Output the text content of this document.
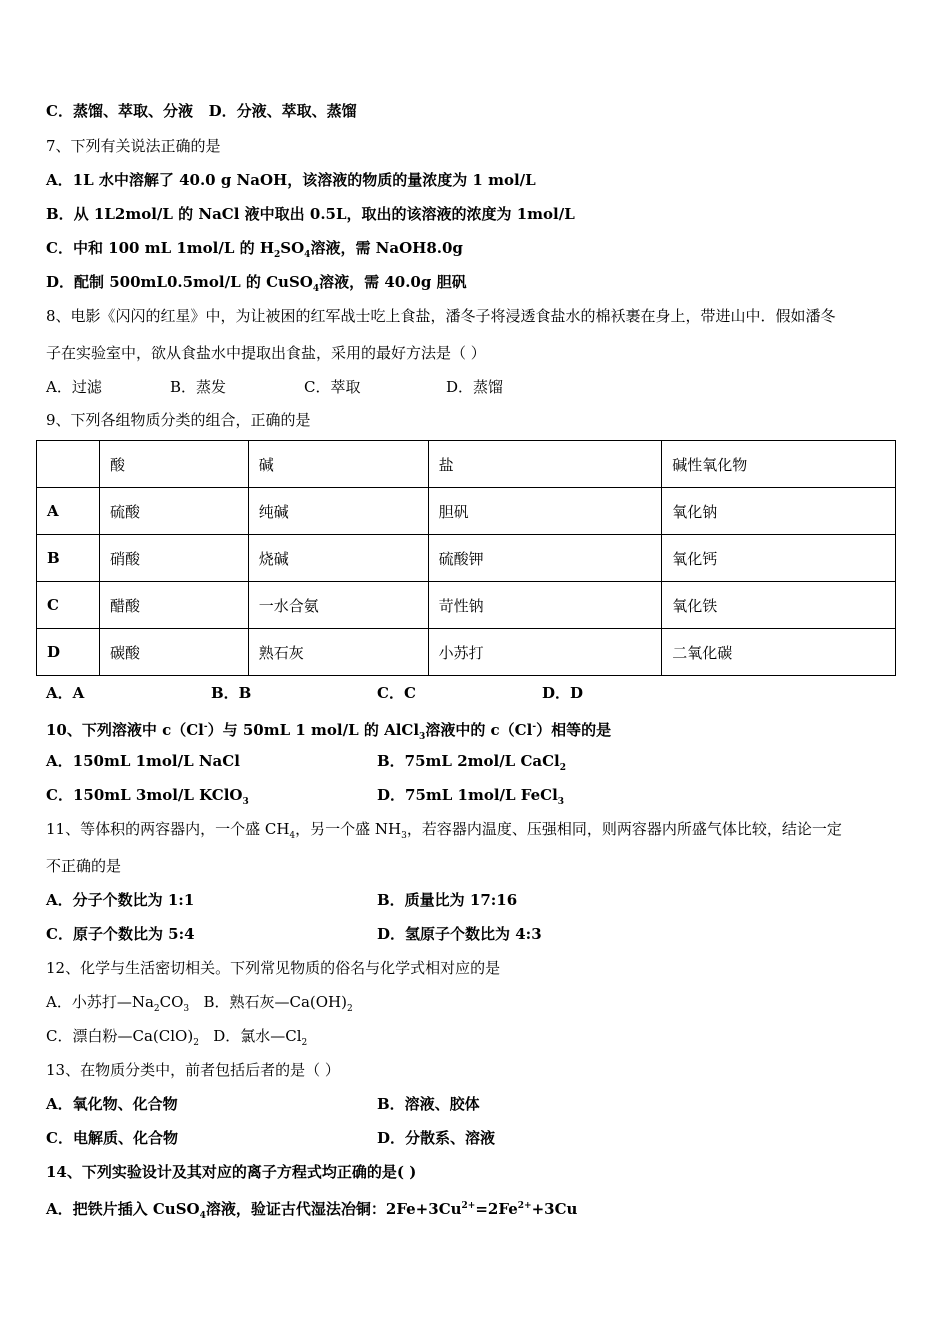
C．蒸馏、萃取、分液 D．分液、萃取、蒸馏
7、下列有关说法正确的是
A．1L 水中溶解了 40.0 g NaOH，该溶液的物质的量浓度为 1 mol/L
B．从 1L2mol/L 的 NaCl 液中取出 0.5L，取出的该溶液的浓度为 1mol/L
C．中和 100 mL 1mol/L 的 $H_2SO_4$溶液，需 NaOH8.0g
D．配制 500mL0.5mol/L 的 CuSO$_4$溶液，需 40.0g 胆矾
8、电影《闪闪的红星》中，为让被困的红军战士吃上食盐，潘冬子将浸透食盐水的棉袄裹在身上，带进山中．假如潘冬
子在实验室中，欲从食盐水中提取出食盐，采用的最好方法是（ ）
A．过滤	B．蒸发	C．萃取	D．蒸馏
9、下列各组物质分类的组合，正确的是
	酸	碱	盐	碱性氧化物
A	硫酸	纯碱	胆矾	氧化钠
B	硝酸	烧碱	硫酸钾	氧化钙
C	醋酸	一水合氨	苛性钠	氧化铁
D	碳酸	熟石灰	小苏打	二氧化碳
A．A	B．B	C．C	D．D
10、下列溶液中 c（Cl-）与 50mL 1 mol/L 的 AlCl$_3$溶液中的 c（Cl-）相等的是
A．150mL 1mol/L NaCl	B．75mL 2mol/L CaCl$_2$
C．150mL 3mol/L KClO$_3$	D．75mL 1mol/L FeCl$_3$
11、等体积的两容器内，一个盛 $CH_4$，另一个盛 $NH_3$，若容器内温度、压强相同，则两容器内所盛气体比较，结论一定
不正确的是
A．分子个数比为 1:1	B．质量比为 17:16
C．原子个数比为 5:4	D．氢原子个数比为 4:3
12、化学与生活密切相关。下列常见物质的俗名与化学式相对应的是
A．小苏打$—Na_2CO_3$ B．熟石灰$—Ca(OH)_2$
C．漂白粉$—Ca(ClO)_2$ D．氯水$—Cl_2$
13、在物质分类中，前者包括后者的是（ ）
A．氧化物、化合物	B．溶液、胶体
C．电解质、化合物	D．分散系、溶液
14、下列实验设计及其对应的离子方程式均正确的是( )
A．把铁片插入 CuSO$_4$溶液，验证古代湿法冶铜：$2Fe+3Cu^{2+}=2Fe^{2+}+3Cu$
